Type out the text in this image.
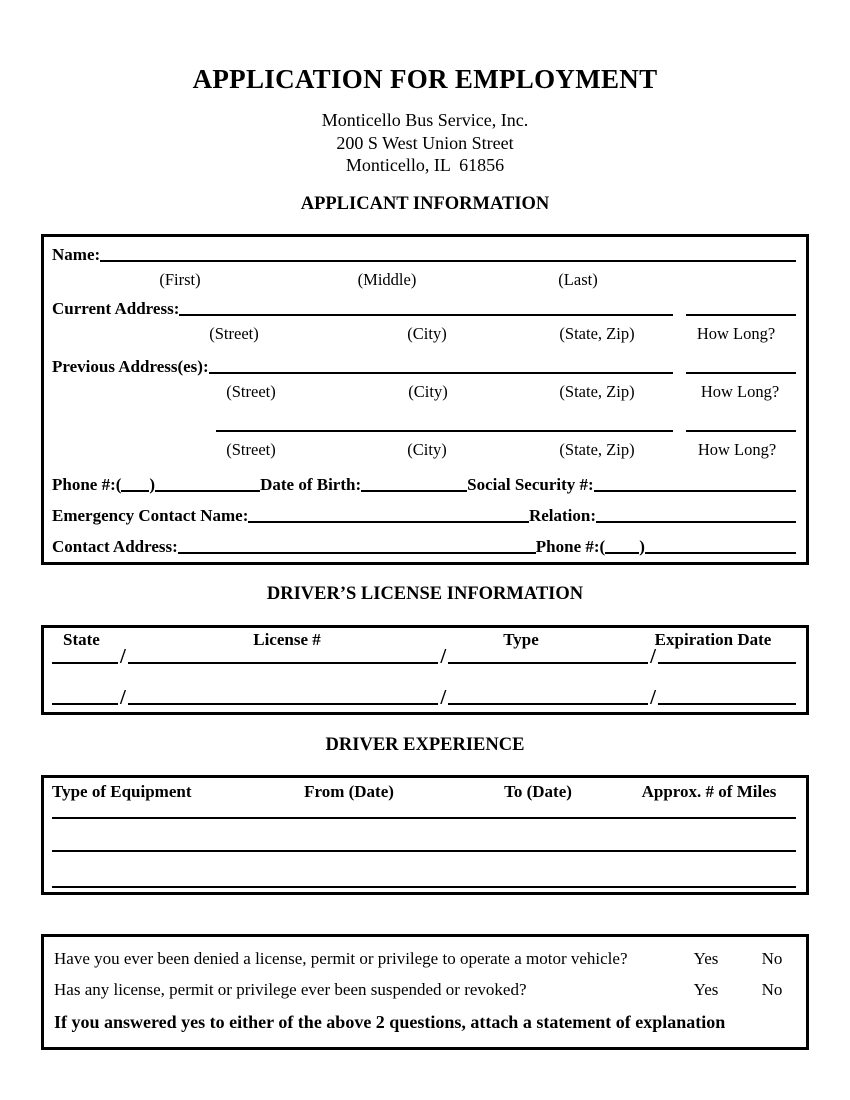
APPLICATION FOR EMPLOYMENT
Monticello Bus Service, Inc.
200 S West Union Street
Monticello, IL  61856
APPLICANT INFORMATION
Name:
(First)	(Middle)	(Last)
Current Address:
(Street)	(City)	(State, Zip)	How Long?
Previous Address(es):
(Street)	(City)	(State, Zip)	How Long?
(Street)	(City)	(State, Zip)	How Long?
Phone #:( )	Date of Birth:	Social Security #:
Emergency Contact Name:	Relation:
Contact Address:	Phone #:( )
DRIVER’S LICENSE INFORMATION
State	License #	Type	Expiration Date
/	/	/
/	/	/
DRIVER EXPERIENCE
Type of Equipment	From (Date)	To (Date)	Approx. # of Miles
Have you ever been denied a license, permit or privilege to operate a motor vehicle?	Yes	No
Has any license, permit or privilege ever been suspended or revoked?	Yes	No
If you answered yes to either of the above 2 questions, attach a statement of explanation
